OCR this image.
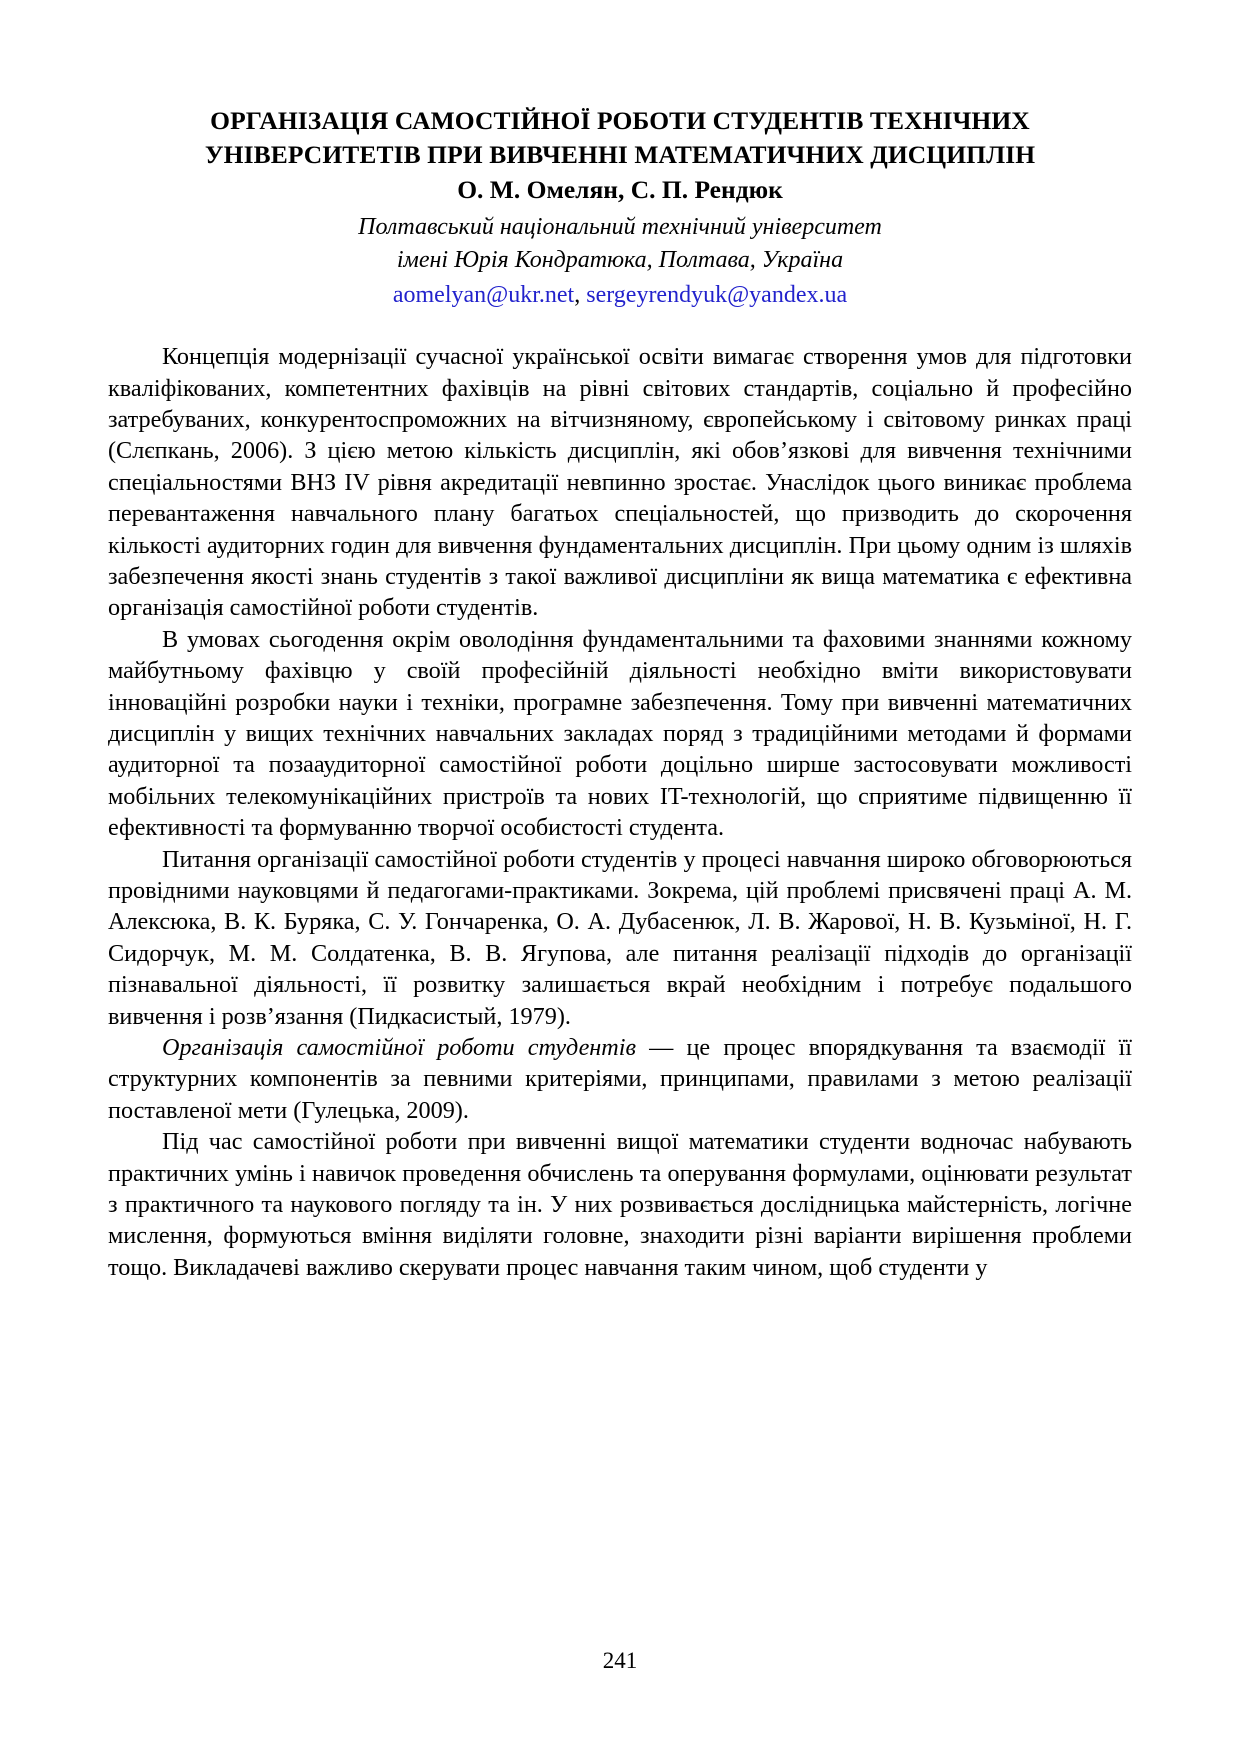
ОРГАНІЗАЦІЯ САМОСТІЙНОЇ РОБОТИ СТУДЕНТІВ ТЕХНІЧНИХ
УНІВЕРСИТЕТІВ ПРИ ВИВЧЕННІ МАТЕМАТИЧНИХ ДИСЦИПЛІН
О. М. Омелян, С. П. Рендюк
Полтавський національний технічний університет
імені Юрія Кондратюка, Полтава, Україна
aomelyan@ukr.net, sergeyrendyuk@yandex.ua

Концепція модернізації сучасної української освіти вимагає створення умов для підготовки кваліфікованих, компетентних фахівців на рівні світових стандартів, соціально й професійно затребуваних, конкурентоспроможних на вітчизняному, європейському і світовому ринках праці (Слєпкань, 2006). З цією метою кількість дисциплін, які обов’язкові для вивчення технічними спеціальностями ВНЗ IV рівня акредитації невпинно зростає. Унаслідок цього виникає проблема перевантаження навчального плану багатьох спеціальностей, що призводить до скорочення кількості аудиторних годин для вивчення фундаментальних дисциплін. При цьому одним із шляхів забезпечення якості знань студентів з такої важливої дисципліни як вища математика є ефективна організація самостійної роботи студентів.

В умовах сьогодення окрім оволодіння фундаментальними та фаховими знаннями кожному майбутньому фахівцю у своїй професійній діяльності необхідно вміти використовувати інноваційні розробки науки і техніки, програмне забезпечення. Тому при вивченні математичних дисциплін у вищих технічних навчальних закладах поряд з традиційними методами й формами аудиторної та позааудиторної самостійної роботи доцільно ширше застосовувати можливості мобільних телекомунікаційних пристроїв та нових IT-технологій, що сприятиме підвищенню її ефективності та формуванню творчої особистості студента.

Питання організації самостійної роботи студентів у процесі навчання широко обговорюються провідними науковцями й педагогами-практиками. Зокрема, цій проблемі присвячені праці А. М. Алексюка, В. К. Буряка, С. У. Гончаренка, О. А. Дубасенюк, Л. В. Жарової, Н. В. Кузьміної, Н. Г. Сидорчук, М. М. Солдатенка, В. В. Ягупова, але питання реалізації підходів до організації пізнавальної діяльності, її розвитку залишається вкрай необхідним і потребує подальшого вивчення і розв’язання (Пидкасистый, 1979).

Організація самостійної роботи студентів — це процес впорядкування та взаємодії її структурних компонентів за певними критеріями, принципами, правилами з метою реалізації поставленої мети (Гулецька, 2009).

Під час самостійної роботи при вивченні вищої математики студенти водночас набувають практичних умінь і навичок проведення обчислень та оперування формулами, оцінювати результат з практичного та наукового погляду та ін. У них розвивається дослідницька майстерність, логічне мислення, формуються вміння виділяти головне, знаходити різні варіанти вирішення проблеми тощо. Викладачеві важливо скерувати процес навчання таким чином, щоб студенти у

241
